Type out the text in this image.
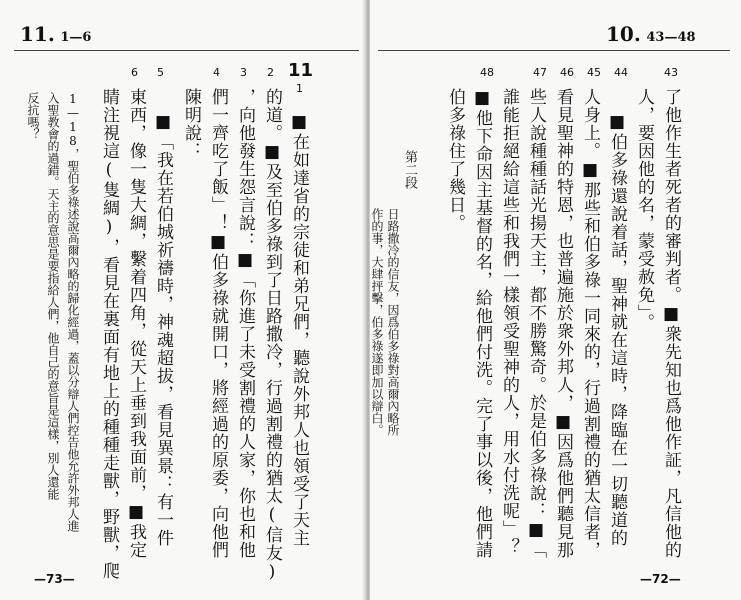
11. 1—6
11
1
2
3
4
5
6
■在如達省的宗徒和弟兄們，聽說外邦人也領受了天主
的道。■及至伯多祿到了日路撒冷，行過割禮的猶太(信友)
，向他發生怨言說：■「你進了未受割禮的人家，你也和他
們一齊吃了飯」！■伯多祿就開口，將經過的原委，向他們
陳明說：
■「我在若伯城祈禱時，神魂超拔，看見異景：有一件
東西，像一隻大綢，繫着四角，從天上垂到我面前，■我定
睛注視這(隻綢)，看見在裏面有地上的種種走獸，野獸，爬
1—18，聖伯多祿述說高爾內略的歸化經過，蓋以分辯人們控告他允許外邦人進
入聖教會的過錯。天主的意思是要指給人們，他自己的意旨是這樣，別人還能
反抗嗎？
—73—
10. 43—48
43
44
45
46
47
48
了他作生者死者的審判者。■衆先知也爲他作証，凡信他的
人，要因他的名，蒙受赦免」。
■伯多祿還說着話，聖神就在這時，降臨在一切聽道的
人身上。■那些和伯多祿一同來的，行過割禮的猶太信者，
看見聖神的特恩，也普遍施於衆外邦人，■因爲他們聽見那
些人說種種話光揚天主，都不勝驚奇。於是伯多祿說：■「
誰能拒絕給這些和我們一樣領受聖神的人，用水付洗呢」？
■他下命因主基督的名，給他們付洗。完了事以後，他們請
伯多祿住了幾日。
第二段
日路撒冷的信友，因爲伯多祿對高爾內略所
作的事，大肆抨擊，伯多祿遂即加以辯白。
—72—
